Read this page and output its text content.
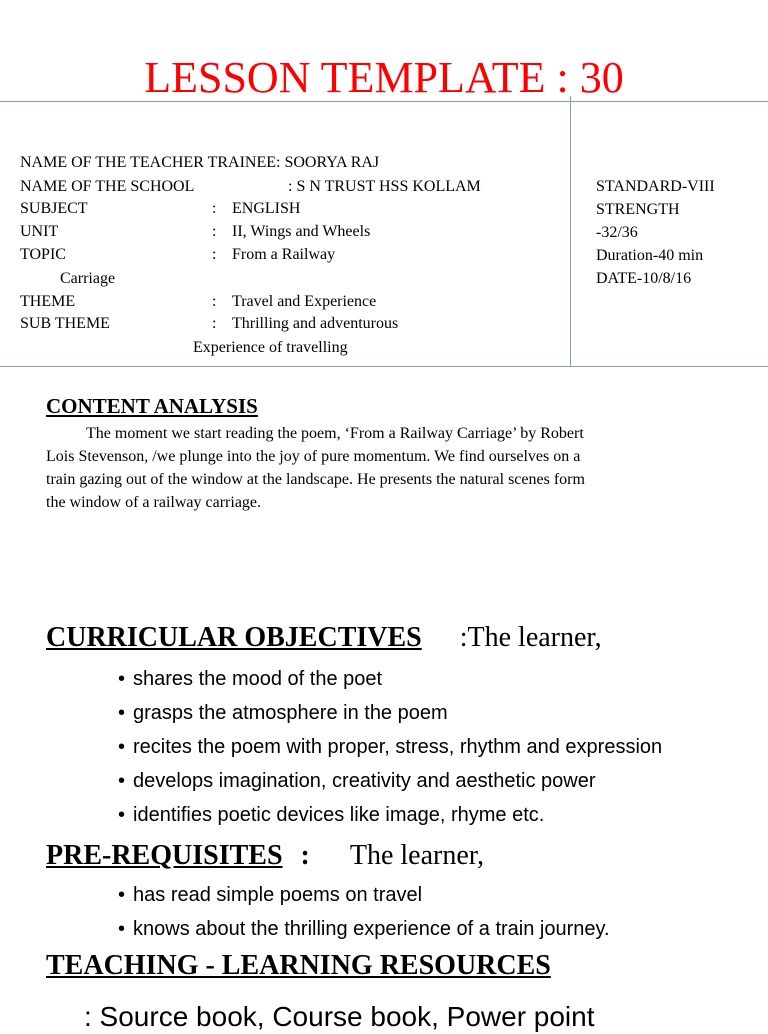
LESSON TEMPLATE : 30
NAME OF THE TEACHER TRAINEE: SOORYA RAJ
NAME OF THE SCHOOL	: S N TRUST HSS KOLLAM
SUBJECT	: ENGLISH
UNIT	: II, Wings and Wheels
TOPIC	: From a Railway
Carriage
THEME	: Travel and Experience
SUB THEME	: Thrilling and adventurous
Experience of travelling
STANDARD-VIII
STRENGTH
-32/36
Duration-40 min
DATE-10/8/16
CONTENT ANALYSIS
The moment we start reading the poem, ‘From a Railway Carriage’ by Robert
Lois Stevenson, /we plunge into the joy of pure momentum. We find ourselves on a
train gazing out of the window at the landscape. He presents the natural scenes form
the window of a railway carriage.
CURRICULAR OBJECTIVES :The learner,
• shares the mood of the poet
• grasps the atmosphere in the poem
• recites the poem with proper, stress, rhythm and expression
• develops imagination, creativity and aesthetic power
• identifies poetic devices like image, rhyme etc.
PRE-REQUISITES : The learner,
• has read simple poems on travel
• knows about the thrilling experience of a train journey.
TEACHING - LEARNING RESOURCES
: Source book, Course book, Power point
